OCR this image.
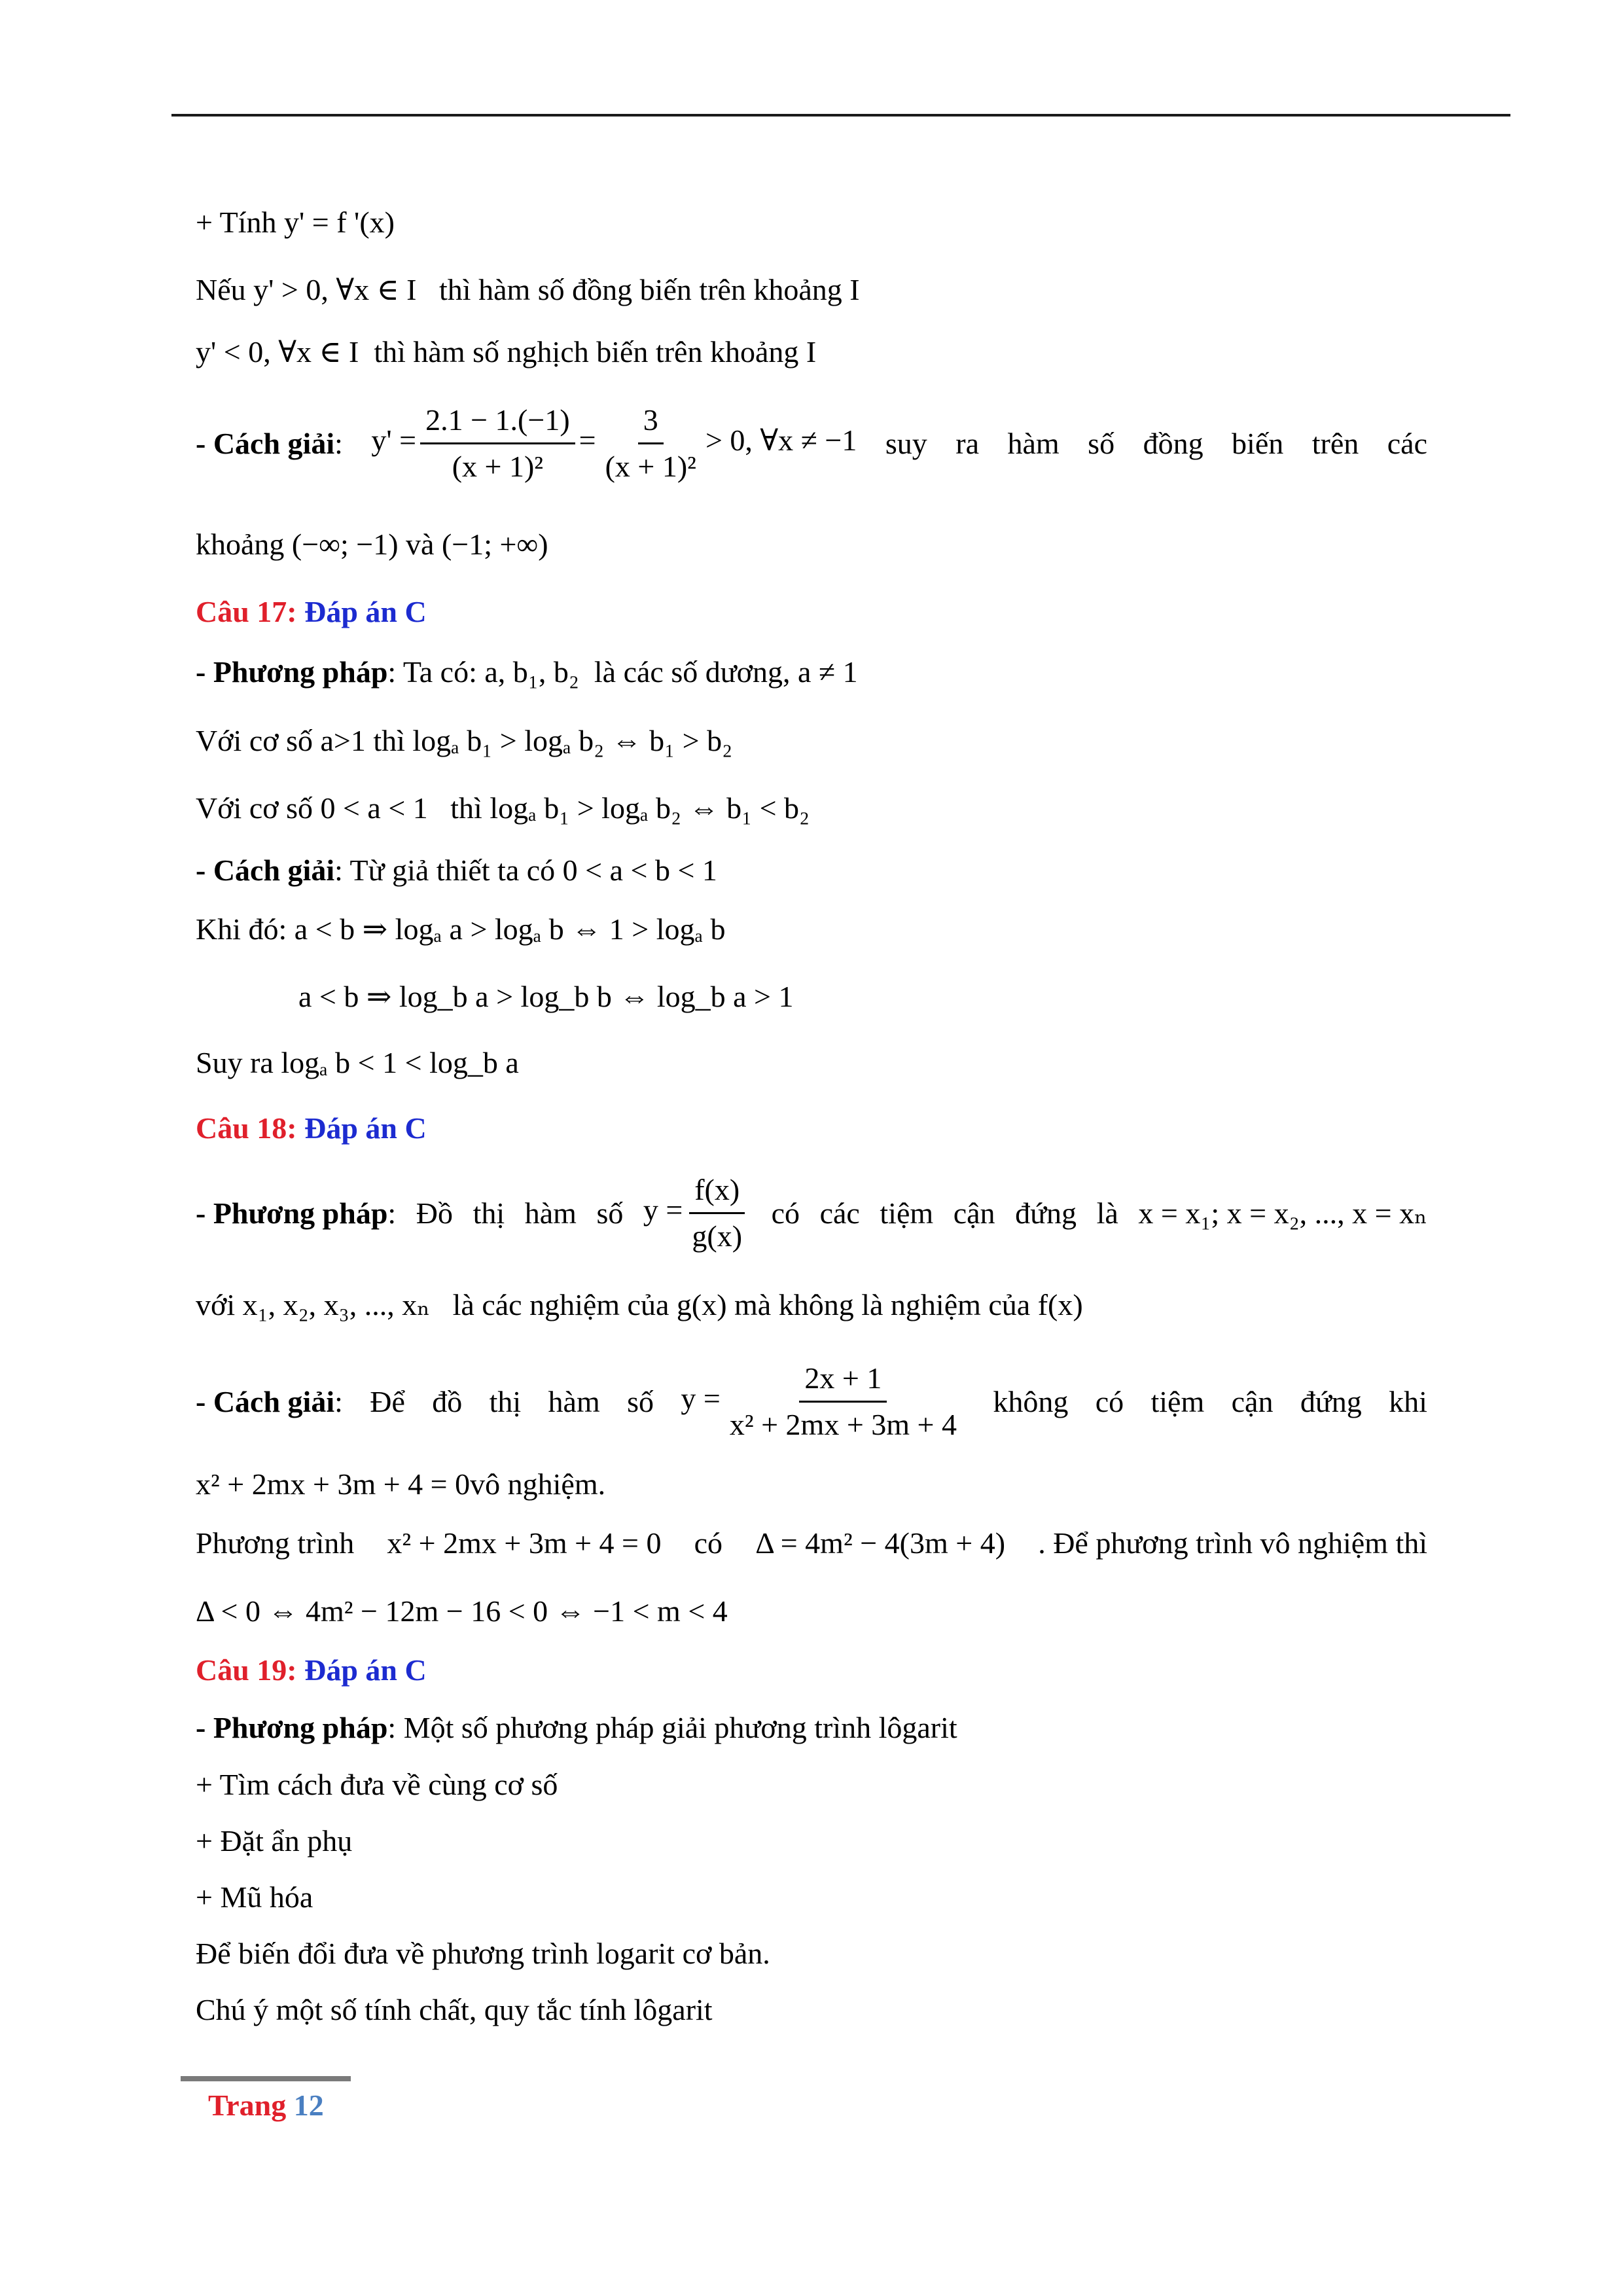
+ Tính y' = f '(x)
Nếu y' > 0, ∀x ∈ I thì hàm số đồng biến trên khoảng I
y' < 0, ∀x ∈ I thì hàm số nghịch biến trên khoảng I
- Cách giải: $y' = \frac{2.1 - 1.(-1)}{\text{(x + 1)²}} = \frac{3}{\text{(x + 1)²}} > 0$, ∀x ≠ −1 suy ra hàm số đồng biến trên các
khoảng (−∞; −1) và (−1; +∞)
Câu 17: Đáp án C
- Phương pháp: Ta có: a, b₁, b₂ là các số dương, a ≠ 1
Với cơ số a>1 thì logₐ b₁ > logₐ b₂ ⇔ b₁ > b₂
Với cơ số 0 < a < 1 thì logₐ b₁ > logₐ b₂ ⇔ b₁ < b₂
- Cách giải: Từ giả thiết ta có 0 < a < b < 1
Khi đó: a < b ⇒ logₐ a > logₐ b ⇔ 1 > logₐ b
a < b ⇒ log_b a > log_b b ⇔ log_b a > 1
Suy ra logₐ b < 1 < log_b a
Câu 18: Đáp án C
- Phương pháp: Đồ thị hàm số $y = \frac{f(x)}{g(x)}$ có các tiệm cận đứng là x = x₁; x = x₂, ..., x = xₙ
với x₁, x₂, x₃, ..., xₙ là các nghiệm của g(x) mà không là nghiệm của f(x)
- Cách giải: Để đồ thị hàm số $y = \frac{2x + 1}{\text{x² + 2mx + 3m + 4}}$ không có tiệm cận đứng khi
x² + 2mx + 3m + 4 = 0vô nghiệm.
Phương trình x² + 2mx + 3m + 4 = 0 có Δ = 4m² − 4(3m + 4) . Để phương trình vô nghiệm thì
Δ < 0 ⇔ 4m² − 12m − 16 < 0 ⇔ −1 < m < 4
Câu 19: Đáp án C
- Phương pháp: Một số phương pháp giải phương trình lôgarit
+ Tìm cách đưa về cùng cơ số
+ Đặt ẩn phụ
+ Mũ hóa
Để biến đổi đưa về phương trình logarit cơ bản.
Chú ý một số tính chất, quy tắc tính lôgarit
Trang 12
